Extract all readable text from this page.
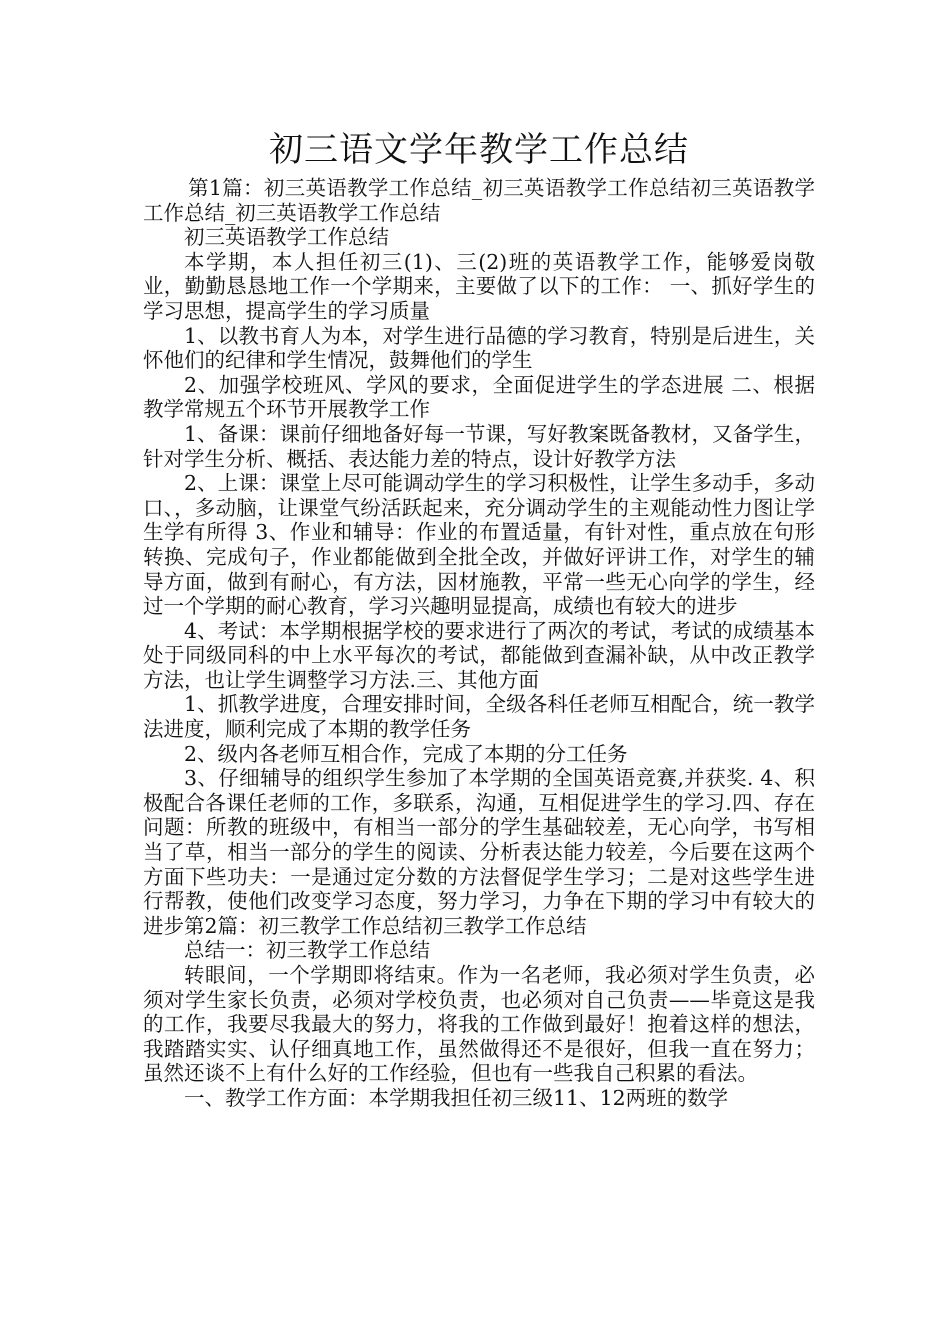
初三语文学年教学工作总结

第1篇：初三英语教学工作总结_初三英语教学工作总结初三英语教学工作总结_初三英语教学工作总结

初三英语教学工作总结

本学期，本人担任初三(1)、三(2)班的英语教学工作，能够爱岗敬业，勤勤恳恳地工作一个学期来，主要做了以下的工作： 一、抓好学生的学习思想，提高学生的学习质量

1、以教书育人为本，对学生进行品德的学习教育，特别是后进生，关怀他们的纪律和学生情况，鼓舞他们的学生

2、加强学校班风、学风的要求，全面促进学生的学态进展 二、根据教学常规五个环节开展教学工作

1、备课：课前仔细地备好每一节课，写好教案既备教材，又备学生， 针对学生分析、概括、表达能力差的特点，设计好教学方法

2、上课：课堂上尽可能调动学生的学习积极性，让学生多动手，多动口、，多动脑，让课堂气纷活跃起来，充分调动学生的主观能动性力图让学生学有所得 3、作业和辅导：作业的布置适量，有针对性，重点放在句形转换、完成句子，作业都能做到全批全改，并做好评讲工作，对学生的辅导方面，做到有耐心，有方法，因材施教，平常一些无心向学的学生，经过一个学期的耐心教育，学习兴趣明显提高，成绩也有较大的进步

4、考试：本学期根据学校的要求进行了两次的考试，考试的成绩基本处于同级同科的中上水平每次的考试，都能做到查漏补缺，从中改正教学方法，也让学生调整学习方法.三、其他方面

1、抓教学进度，合理安排时间，全级各科任老师互相配合，统一教学法进度，顺利完成了本期的教学任务

2、级内各老师互相合作，完成了本期的分工任务

3、仔细辅导的组织学生参加了本学期的全国英语竞赛,并获奖. 4、积极配合各课任老师的工作，多联系，沟通，互相促进学生的学习.四、存在问题：所教的班级中，有相当一部分的学生基础较差，无心向学，书写相当了草，相当一部分的学生的阅读、分析表达能力较差，今后要在这两个方面下些功夫：一是通过定分数的方法督促学生学习；二是对这些学生进行帮教，使他们改变学习态度，努力学习，力争在下期的学习中有较大的进步第2篇：初三教学工作总结初三教学工作总结

总结一：初三教学工作总结

转眼间，一个学期即将结束。作为一名老师，我必须对学生负责，必须对学生家长负责，必须对学校负责，也必须对自己负责——毕竟这是我的工作，我要尽我最大的努力，将我的工作做到最好！抱着这样的想法，我踏踏实实、认仔细真地工作，虽然做得还不是很好，但我一直在努力；虽然还谈不上有什么好的工作经验，但也有一些我自己积累的看法。

一、教学工作方面：本学期我担任初三级11、12两班的数学
